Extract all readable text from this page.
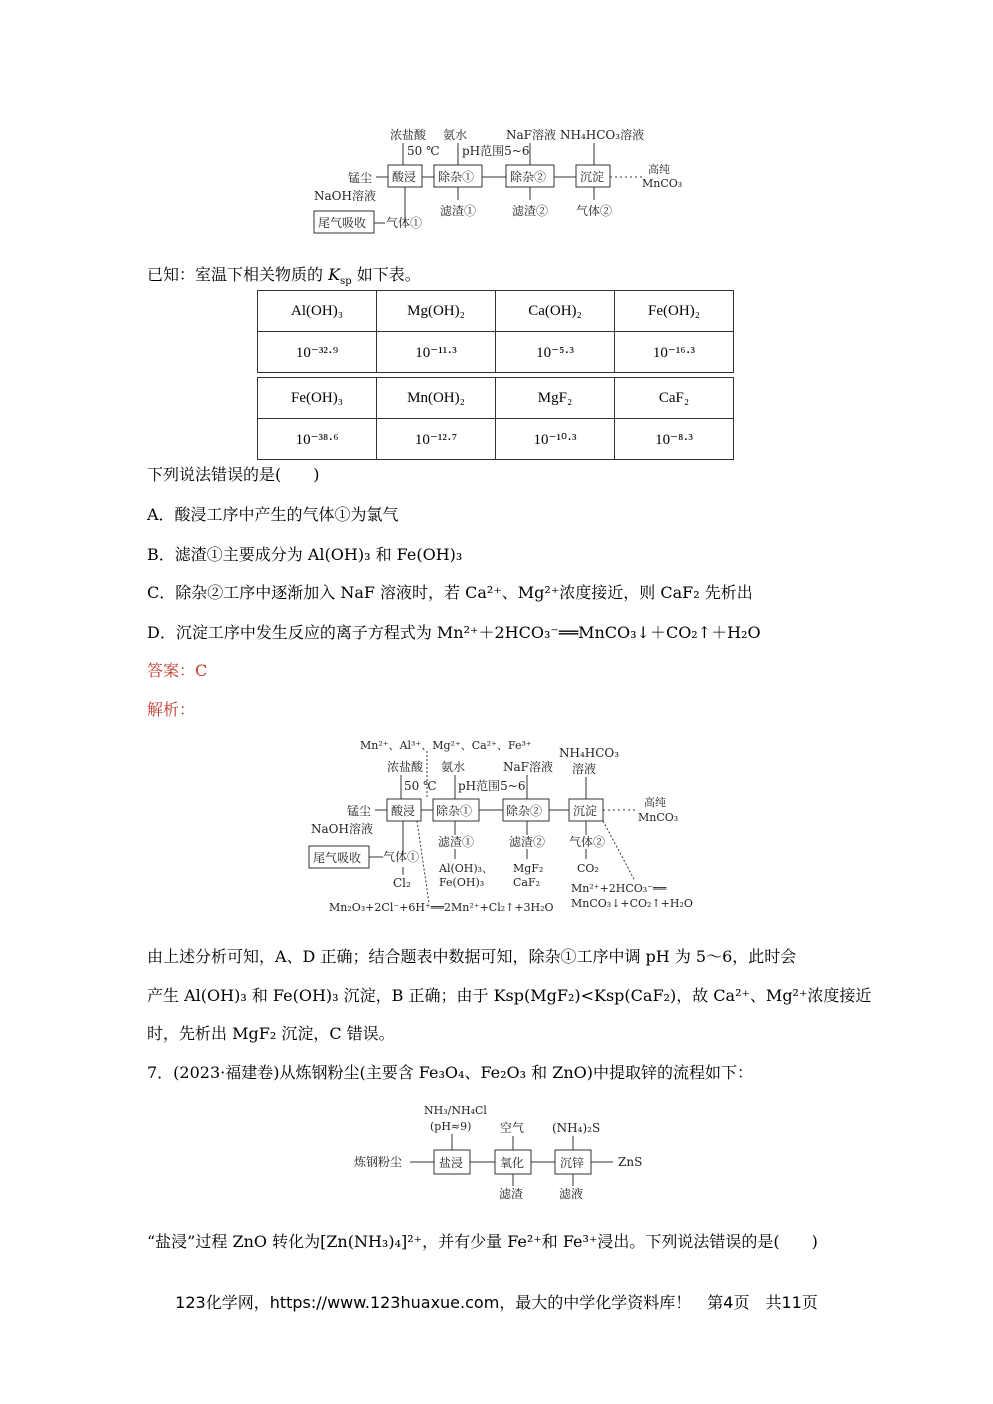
浓盐酸
50 ℃
氨水
pH范围5~6
NaF溶液 NH₄HCO₃溶液
锰尘 酸浸 除杂①	除杂②	沉淀
高纯
MnCO₃
NaOH溶液
尾气吸收 气体①
滤渣①	滤渣② 气体②
已知：室温下相关物质的 $K_{sp}$ 如下表。
Al(OH)₃	Mg(OH)₂	Ca(OH)₂	Fe(OH)₂
10⁻³²·⁹	10⁻¹¹·³	10⁻⁵·³	10⁻¹⁶·³

Fe(OH)₃	Mn(OH)₂	MgF₂	CaF₂
10⁻³⁸·⁶	10⁻¹²·⁷	10⁻¹⁰·³	10⁻⁸·³
下列说法错误的是(　　)
A．酸浸工序中产生的气体①为氯气
B．滤渣①主要成分为 Al(OH)₃ 和 Fe(OH)₃
C．除杂②工序中逐渐加入 NaF 溶液时，若 Ca²⁺、Mg²⁺浓度接近，则 CaF₂ 先析出
D．沉淀工序中发生反应的离子方程式为 Mn²⁺＋2HCO₃⁻══MnCO₃↓＋CO₂↑＋H₂O
答案：C
解析：
Mn²⁺、Al³⁺、Mg²⁺、Ca²⁺、Fe³⁺
浓盐酸
50 ℃
氨水
pH范围5~6
NaF溶液
NH₄HCO₃
溶液
锰尘 酸浸 除杂①	除杂②	沉淀
高纯
MnCO₃
NaOH溶液
尾气吸收 气体①
Cl₂
滤渣①
Al(OH)₃、
Fe(OH)₃
滤渣②
MgF₂
CaF₂
气体②
CO₂
Mn²⁺+2HCO₃⁻══
MnCO₃↓+CO₂↑+H₂O
Mn₂O₃+2Cl⁻+6H⁺══2Mn²⁺+Cl₂↑+3H₂O
由上述分析可知，A、D 正确；结合题表中数据可知，除杂①工序中调 pH 为 5～6，此时会
产生 Al(OH)₃ 和 Fe(OH)₃ 沉淀，B 正确；由于 Ksp(MgF₂)<Ksp(CaF₂)，故 Ca²⁺、Mg²⁺浓度接近
时，先析出 MgF₂ 沉淀，C 错误。
7．(2023·福建卷)从炼钢粉尘(主要含 Fe₃O₄、Fe₂O₃ 和 ZnO)中提取锌的流程如下：
NH₃/NH₄Cl
(pH≈9) 空气 (NH₄)₂S
炼钢粉尘	盐浸	氧化	沉锌	ZnS
滤渣	滤液
“盐浸”过程 ZnO 转化为[Zn(NH₃)₄]²⁺，并有少量 Fe²⁺和 Fe³⁺浸出。下列说法错误的是(　　)
123化学网，https://www.123huaxue.com，最大的中学化学资料库！　第4页　共11页
